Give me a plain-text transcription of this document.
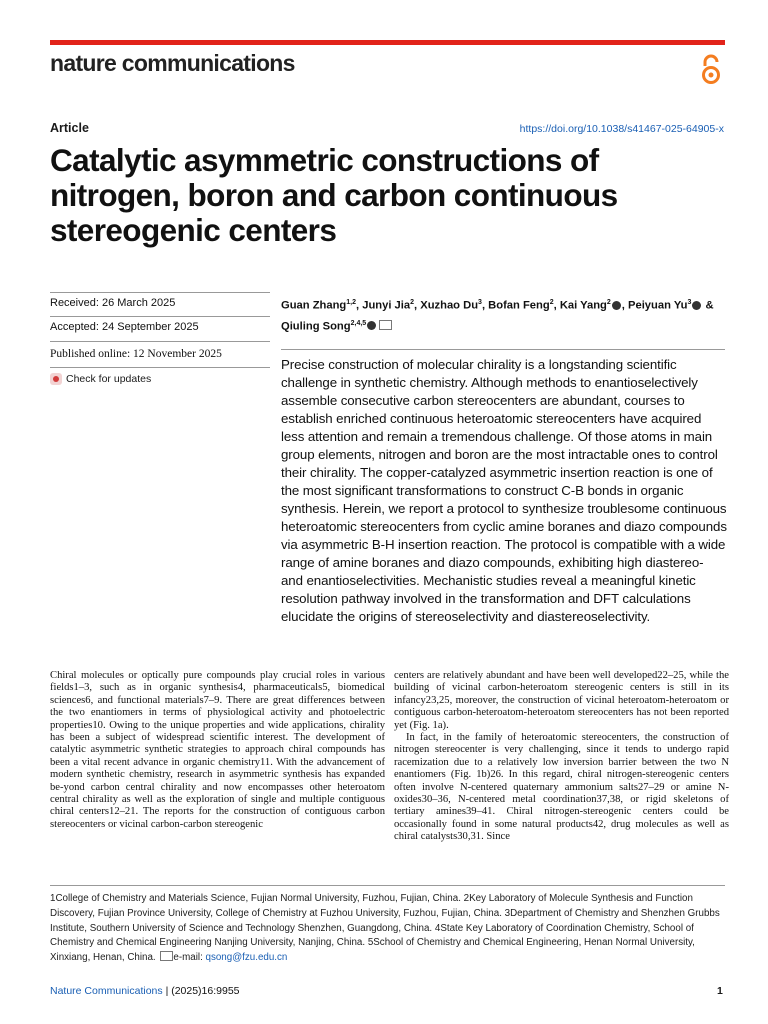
nature communications
Article	https://doi.org/10.1038/s41467-025-64905-x
Catalytic asymmetric constructions of nitrogen, boron and carbon continuous stereogenic centers
Received: 26 March 2025
Accepted: 24 September 2025
Published online: 12 November 2025
Check for updates
Guan Zhang$^{1,2}$, Junyi Jia$^2$, Xuzhao Du$^3$, Bofan Feng$^2$, Kai Yang$^2$ , Peiyuan Yu$^3$ & Qiuling Song$^{2,4,5}$
Precise construction of molecular chirality is a longstanding scientific challenge in synthetic chemistry. Although methods to enantioselectively assemble consecutive carbon stereocenters are abundant, courses to establish enriched continuous heteroatomic stereocenters have acquired less attention and remain a tremendous challenge. Of those atoms in main group elements, nitrogen and boron are the most intractable ones to control their chirality. The copper-catalyzed asymmetric insertion reaction is one of the most significant transformations to construct C-B bonds in organic synthesis. Herein, we report a protocol to synthesize troublesome continuous heteroatomic stereocenters from cyclic amine boranes and diazo compounds via asymmetric B-H insertion reaction. The protocol is compatible with a wide range of amine boranes and diazo compounds, exhibiting high diastereo- and enantioselectivities. Mechanistic studies reveal a meaningful kinetic resolution pathway involved in the transformation and DFT calculations elucidate the origins of stereoselectivity and diastereoselectivity.

Chiral molecules or optically pure compounds play crucial roles in various fields1–3, such as in organic synthesis4, pharmaceuticals5, biomedical sciences6, and functional materials7–9. There are great differences between the two enantiomers in terms of physiological activity and photoelectric properties10. Owing to the unique properties and wide applications, chirality has been a subject of widespread scientific interest. The development of catalytic asymmetric synthetic strategies to approach chiral compounds has been a vital recent advance in organic chemistry11. With the advancement of modern synthetic chemistry, research in asymmetric synthesis has expanded be-yond carbon central chirality and now encompasses other heteroatom central chirality as well as the exploration of single and multiple contiguous chiral centers12–21. The reports for the construction of contiguous carbon stereocenters or vicinal carbon-carbon stereogenic

centers are relatively abundant and have been well developed22–25, while the building of vicinal carbon-heteroatom stereogenic centers is still in its infancy23,25, moreover, the construction of vicinal heteroatom-heteroatom or contiguous carbon-heteroatom-heteroatom stereocenters has not been reported yet (Fig. 1a).

In fact, in the family of heteroatomic stereocenters, the construction of nitrogen stereocenter is very challenging, since it tends to undergo rapid racemization due to a relatively low inversion barrier between the two N enantiomers (Fig. 1b)26. In this regard, chiral nitrogen-stereogenic centers often involve N-centered quaternary ammonium salts27–29 or amine N-oxides30–36, N-centered metal coordination37,38, or rigid skeletons of tertiary amines39–41. Chiral nitrogen-stereogenic centers could be occasionally found in some natural products42, drug molecules as well as chiral catalysts30,31. Since

1College of Chemistry and Materials Science, Fujian Normal University, Fuzhou, Fujian, China. 2Key Laboratory of Molecule Synthesis and Function Discovery, Fujian Province University, College of Chemistry at Fuzhou University, Fuzhou, Fujian, China. 3Department of Chemistry and Shenzhen Grubbs Institute, Southern University of Science and Technology Shenzhen, Guangdong, China. 4State Key Laboratory of Coordination Chemistry, School of Chemistry and Chemical Engineering Nanjing University, Nanjing, China. 5School of Chemistry and Chemical Engineering, Henan Normal University, Xinxiang, Henan, China. e-mail: qsong@fzu.edu.cn
Nature Communications | (2025)16:9955	1
